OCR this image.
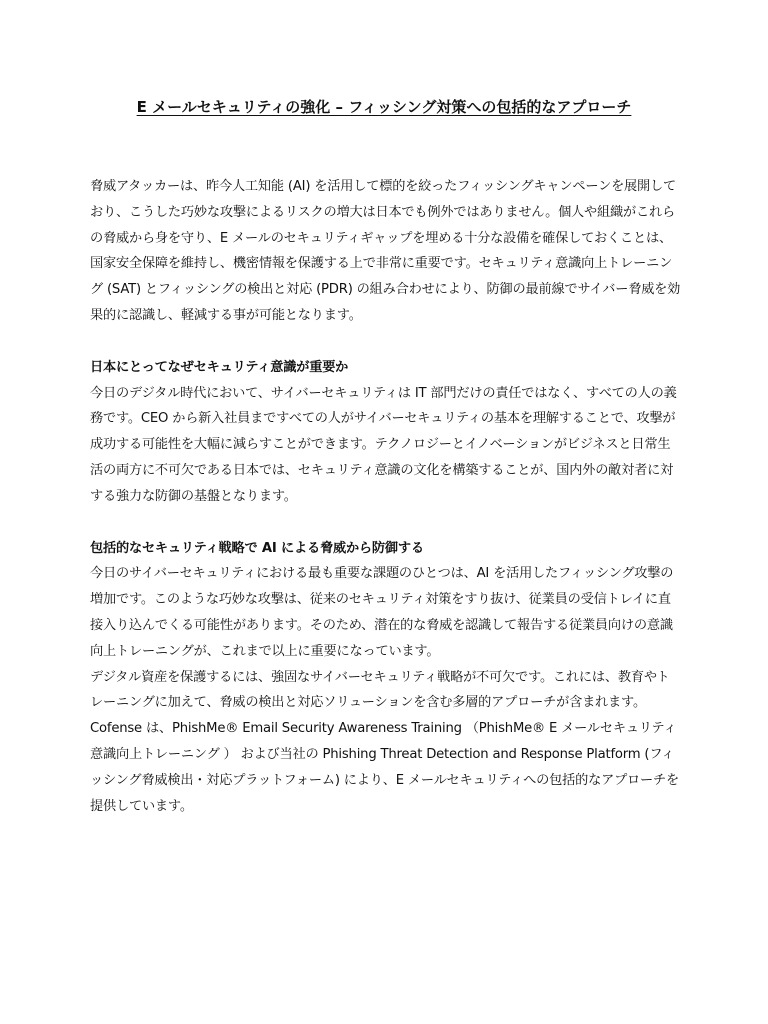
E メールセキュリティの強化 – フィッシング対策への包括的なアプローチ

脅威アタッカーは、昨今人工知能 (AI) を活用して標的を絞ったフィッシングキャンペーンを展開しており、こうした巧妙な攻撃によるリスクの増大は日本でも例外ではありません。個人や組織がこれらの脅威から身を守り、E メールのセキュリティギャップを埋める十分な設備を確保しておくことは、国家安全保障を維持し、機密情報を保護する上で非常に重要です。セキュリティ意識向上トレーニング (SAT) とフィッシングの検出と対応 (PDR) の組み合わせにより、防御の最前線でサイバー脅威を効果的に認識し、軽減する事が可能となります。

日本にとってなぜセキュリティ意識が重要か

今日のデジタル時代において、サイバーセキュリティは IT 部門だけの責任ではなく、すべての人の義務です。CEO から新入社員まですべての人がサイバーセキュリティの基本を理解することで、攻撃が成功する可能性を大幅に減らすことができます。テクノロジーとイノベーションがビジネスと日常生活の両方に不可欠である日本では、セキュリティ意識の文化を構築することが、国内外の敵対者に対する強力な防御の基盤となります。

包括的なセキュリティ戦略で AI による脅威から防御する

今日のサイバーセキュリティにおける最も重要な課題のひとつは、AI を活用したフィッシング攻撃の増加です。このような巧妙な攻撃は、従来のセキュリティ対策をすり抜け、従業員の受信トレイに直接入り込んでくる可能性があります。そのため、潜在的な脅威を認識して報告する従業員向けの意識向上トレーニングが、これまで以上に重要になっています。

デジタル資産を保護するには、強固なサイバーセキュリティ戦略が不可欠です。これには、教育やトレーニングに加えて、脅威の検出と対応ソリューションを含む多層的アプローチが含まれます。Cofense は、PhishMe® Email Security Awareness Training （PhishMe® E メールセキュリティ意識向上トレーニング ） および当社の Phishing Threat Detection and Response Platform (フィッシング脅威検出・対応プラットフォーム) により、E メールセキュリティへの包括的なアプローチを提供しています。
